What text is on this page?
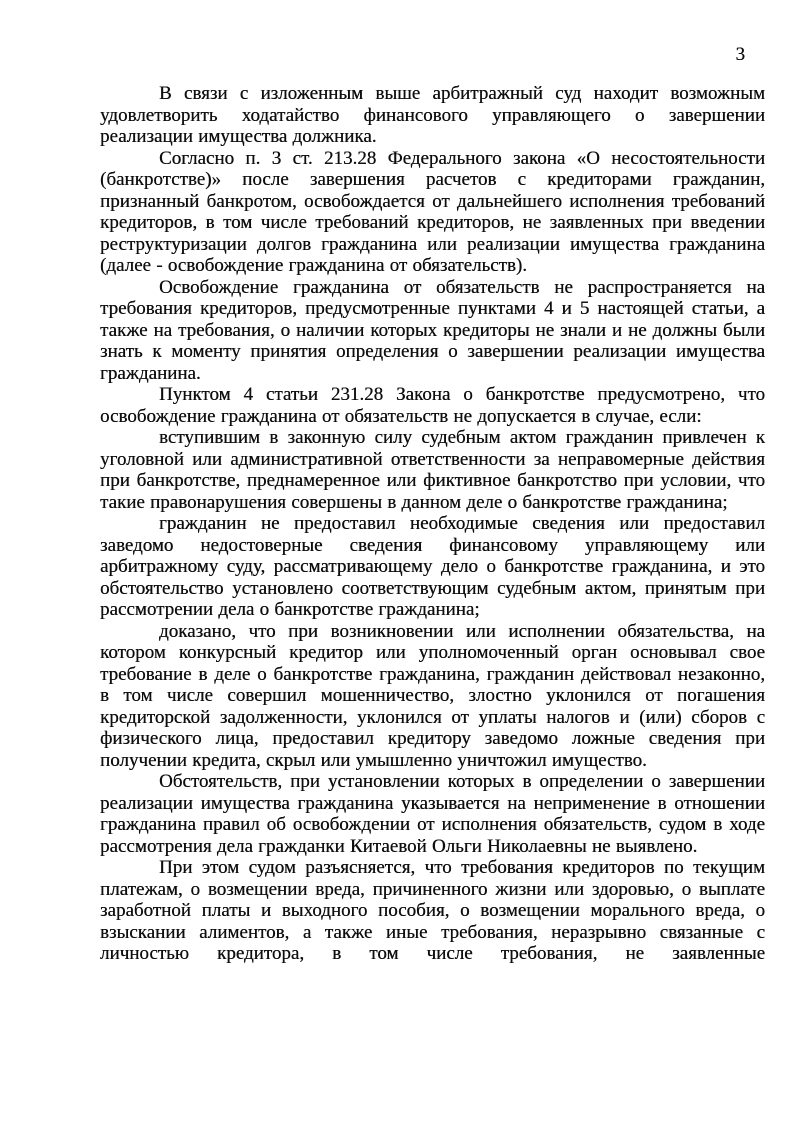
3

В связи с изложенным выше арбитражный суд находит возможным удовлетворить ходатайство финансового управляющего о завершении реализации имущества должника.

Согласно п. 3 ст. 213.28 Федерального закона «О несостоятельности (банкротстве)» после завершения расчетов с кредиторами гражданин, признанный банкротом, освобождается от дальнейшего исполнения требований кредиторов, в том числе требований кредиторов, не заявленных при введении реструктуризации долгов гражданина или реализации имущества гражданина (далее - освобождение гражданина от обязательств).

Освобождение гражданина от обязательств не распространяется на требования кредиторов, предусмотренные пунктами 4 и 5 настоящей статьи, а также на требования, о наличии которых кредиторы не знали и не должны были знать к моменту принятия определения о завершении реализации имущества гражданина.

Пунктом 4 статьи 231.28 Закона о банкротстве предусмотрено, что освобождение гражданина от обязательств не допускается в случае, если:

вступившим в законную силу судебным актом гражданин привлечен к уголовной или административной ответственности за неправомерные действия при банкротстве, преднамеренное или фиктивное банкротство при условии, что такие правонарушения совершены в данном деле о банкротстве гражданина;

гражданин не предоставил необходимые сведения или предоставил заведомо недостоверные сведения финансовому управляющему или арбитражному суду, рассматривающему дело о банкротстве гражданина, и это обстоятельство установлено соответствующим судебным актом, принятым при рассмотрении дела о банкротстве гражданина;

доказано, что при возникновении или исполнении обязательства, на котором конкурсный кредитор или уполномоченный орган основывал свое требование в деле о банкротстве гражданина, гражданин действовал незаконно, в том числе совершил мошенничество, злостно уклонился от погашения кредиторской задолженности, уклонился от уплаты налогов и (или) сборов с физического лица, предоставил кредитору заведомо ложные сведения при получении кредита, скрыл или умышленно уничтожил имущество.

Обстоятельств, при установлении которых в определении о завершении реализации имущества гражданина указывается на неприменение в отношении гражданина правил об освобождении от исполнения обязательств, судом в ходе рассмотрения дела гражданки Китаевой Ольги Николаевны не выявлено.

При этом судом разъясняется, что требования кредиторов по текущим платежам, о возмещении вреда, причиненного жизни или здоровью, о выплате заработной платы и выходного пособия, о возмещении морального вреда, о взыскании алиментов, а также иные требования, неразрывно связанные с личностью кредитора, в том числе требования, не заявленные
